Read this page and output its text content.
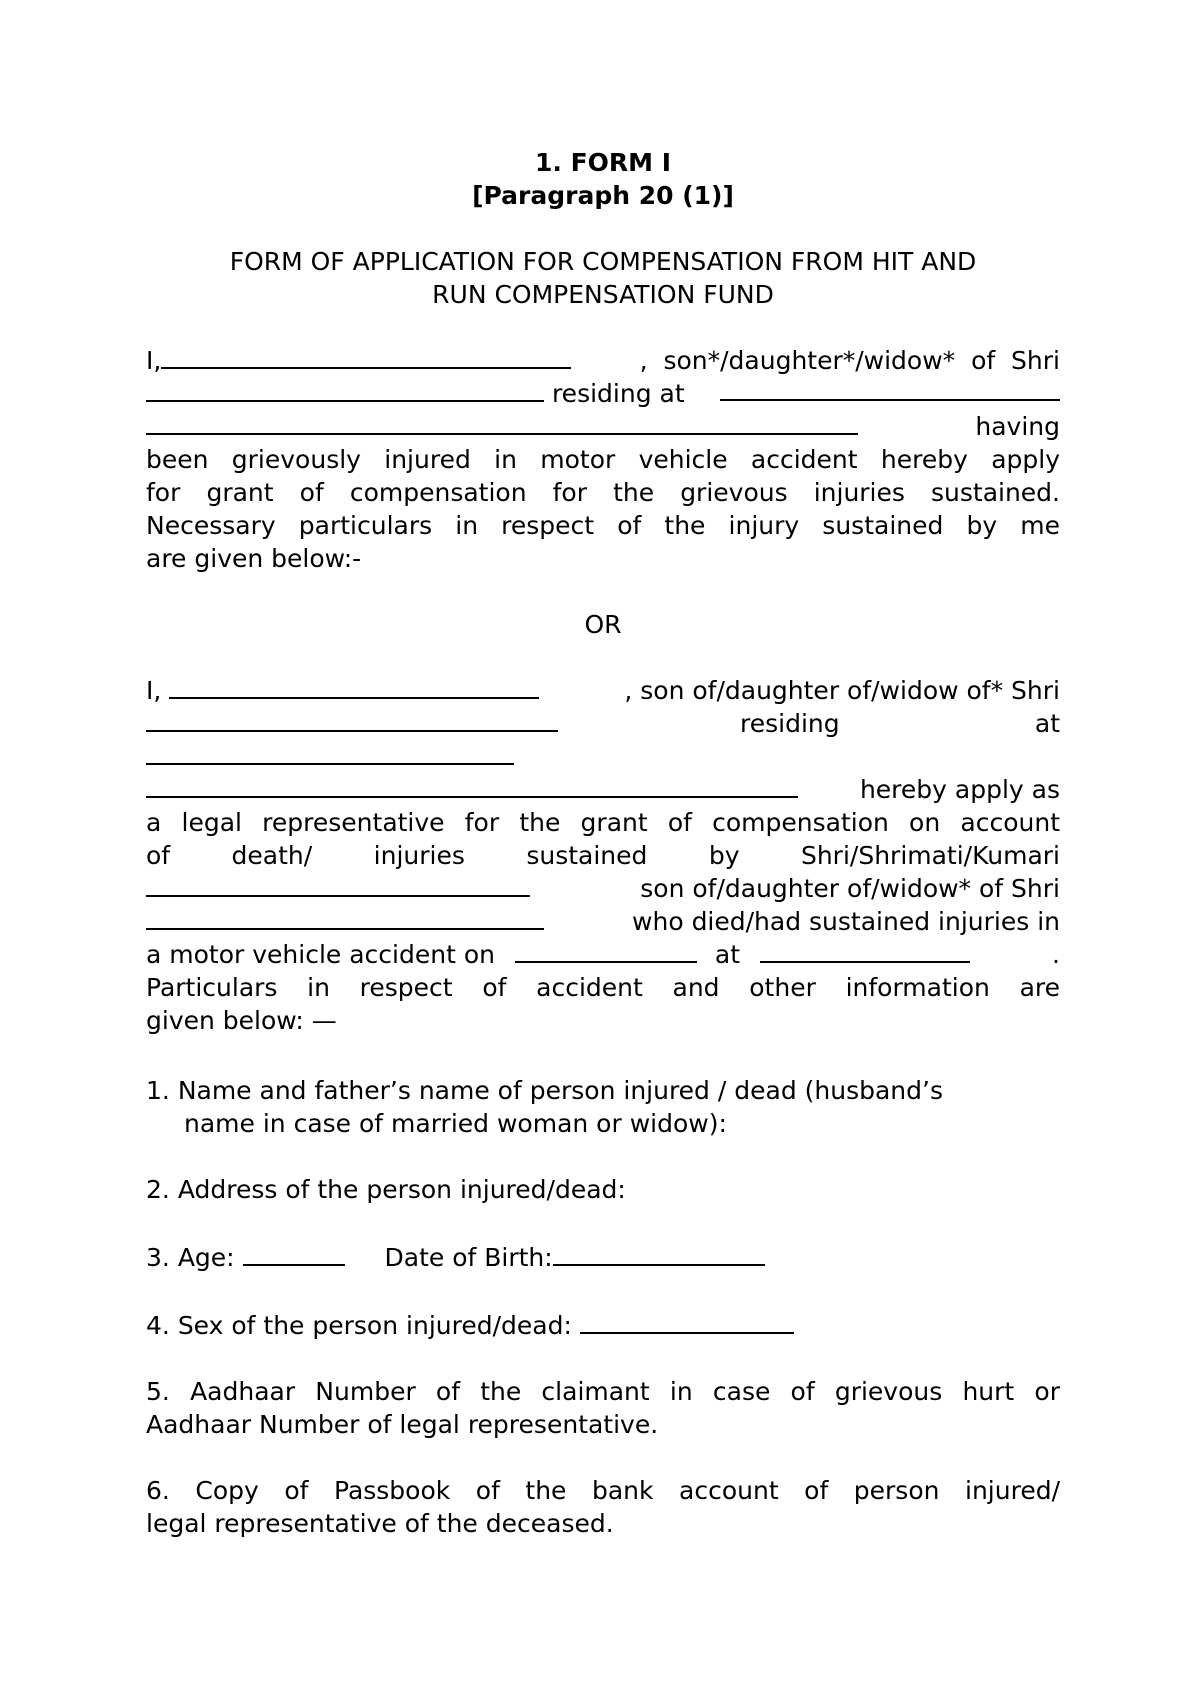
1. FORM I
[Paragraph 20 (1)]
FORM OF APPLICATION FOR COMPENSATION FROM HIT AND
RUN COMPENSATION FUND
I,	,  son*/daughter*/widow*  of  Shri
residing at
having
been grievously injured in motor vehicle accident hereby apply
for grant of compensation for the grievous injuries sustained.
Necessary particulars in respect of the injury sustained by me
are given below:-
OR
I,	, son of/daughter of/widow of* Shri
residing	at
hereby apply as
a legal representative for the grant of compensation on account
of death/ injuries sustained by Shri/Shrimati/Kumari
son of/daughter of/widow* of Shri
who died/had sustained injuries in
a motor vehicle accident on	at	.
Particulars in respect of accident and other information are
given below: —
1. Name and father’s name of person injured / dead (husband’s
name in case of married woman or widow):
2. Address of the person injured/dead:
3. Age:	Date of Birth:
4. Sex of the person injured/dead:
5. Aadhaar Number of the claimant in case of grievous hurt or
Aadhaar Number of legal representative.
6. Copy of Passbook of the bank account of person injured/
legal representative of the deceased.
